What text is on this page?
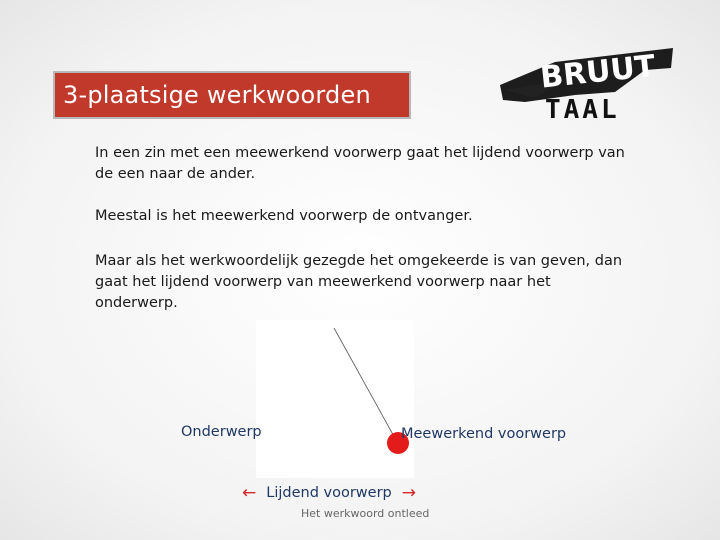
3-plaatsige werkwoorden	BRUUT
TAAL
In een zin met een meewerkend voorwerp gaat het lijdend voorwerp van de een naar de ander.
Meestal is het meewerkend voorwerp de ontvanger.
Maar als het werkwoordelijk gezegde het omgekeerde is van geven, dan gaat het lijdend voorwerp van meewerkend voorwerp naar het onderwerp.
Onderwerp	Meewerkend voorwerp
← Lijdend voorwerp →
Het werkwoord ontleed
